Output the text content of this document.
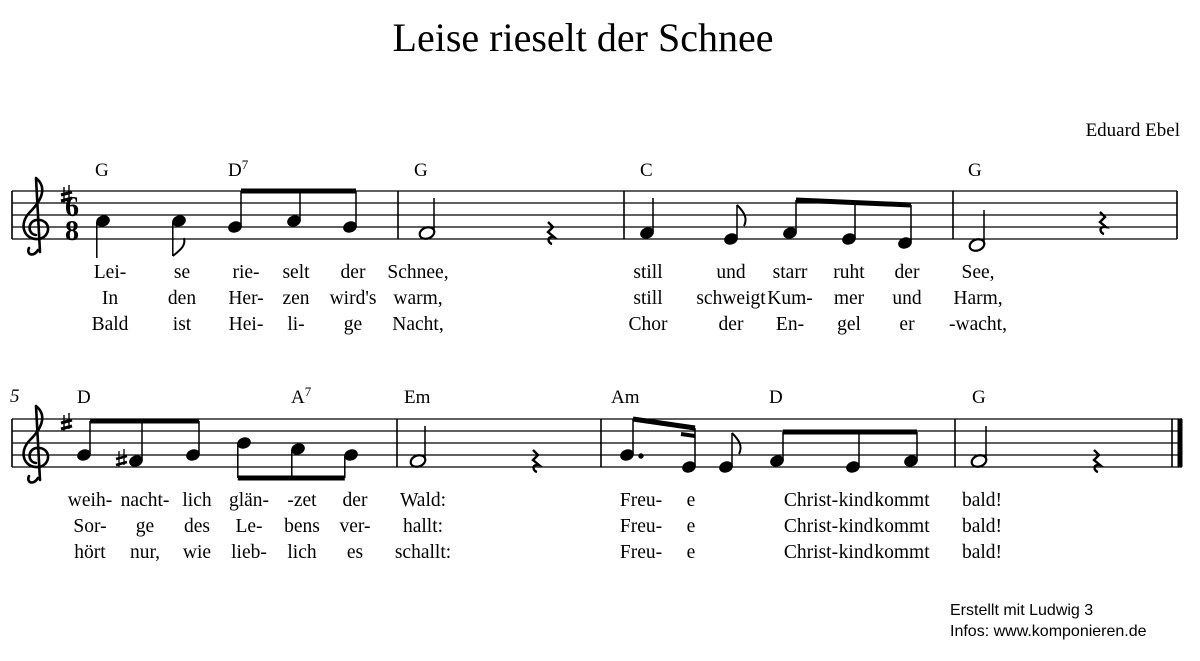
Leise rieselt der Schnee
Eduard Ebel
5
6
8
G	$D^7$	G	C	G
D	$A^7$	Em	Am	D	G
Lei- se rie- selt der Schnee,	still	und starr ruht der See,
In	den Her- zen wird's warm,	still schweigt Kum- mer und Harm,
Bald ist Hei- li- ge Nacht,	Chor	der En- gel er -wacht,
weih- nacht- lich glän- -zet der Wald:	Freu- e	Christ- kind kommt bald!
Sor- ge des Le- bens ver- hallt:	Freu- e	Christ- kind kommt bald!
hört nur, wie lieb- lich es schallt:	Freu- e	Christ- kind kommt bald!
Erstellt mit Ludwig 3
Infos: www.komponieren.de
